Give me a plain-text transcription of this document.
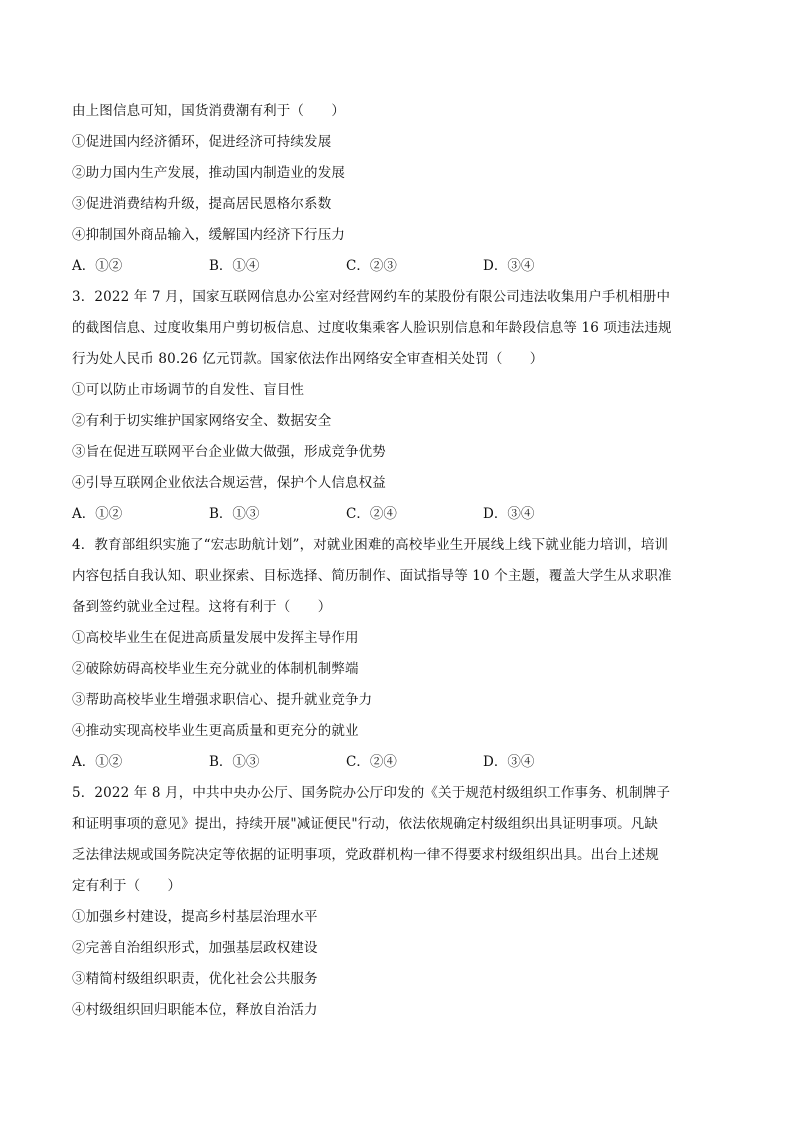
由上图信息可知，国货消费潮有利于（　　）
①促进国内经济循环，促进经济可持续发展
②助力国内生产发展，推动国内制造业的发展
③促进消费结构升级，提高居民恩格尔系数
④抑制国外商品输入，缓解国内经济下行压力
A．①②	B．①④	C．②③	D．③④
3．2022 年 7 月，国家互联网信息办公室对经营网约车的某股份有限公司违法收集用户手机相册中
的截图信息、过度收集用户剪切板信息、过度收集乘客人脸识别信息和年龄段信息等 16 项违法违规
行为处人民币 80.26 亿元罚款。国家依法作出网络安全审查相关处罚（　　）
①可以防止市场调节的自发性、盲目性
②有利于切实维护国家网络安全、数据安全
③旨在促进互联网平台企业做大做强，形成竞争优势
④引导互联网企业依法合规运营，保护个人信息权益
A．①②	B．①③	C．②④	D．③④
4．教育部组织实施了“宏志助航计划”，对就业困难的高校毕业生开展线上线下就业能力培训，培训
内容包括自我认知、职业探索、目标选择、简历制作、面试指导等 10 个主题，覆盖大学生从求职准
备到签约就业全过程。这将有利于（　　）
①高校毕业生在促进高质量发展中发挥主导作用
②破除妨碍高校毕业生充分就业的体制机制弊端
③帮助高校毕业生增强求职信心、提升就业竞争力
④推动实现高校毕业生更高质量和更充分的就业
A．①②	B．①③	C．②④	D．③④
5．2022 年 8 月，中共中央办公厅、国务院办公厅印发的《关于规范村级组织工作事务、机制牌子
和证明事项的意见》提出，持续开展"减证便民"行动，依法依规确定村级组织出具证明事项。凡缺
乏法律法规或国务院决定等依据的证明事项，党政群机构一律不得要求村级组织出具。出台上述规
定有利于（　　）
①加强乡村建设，提高乡村基层治理水平
②完善自治组织形式，加强基层政权建设
③精简村级组织职责，优化社会公共服务
④村级组织回归职能本位，释放自治活力
